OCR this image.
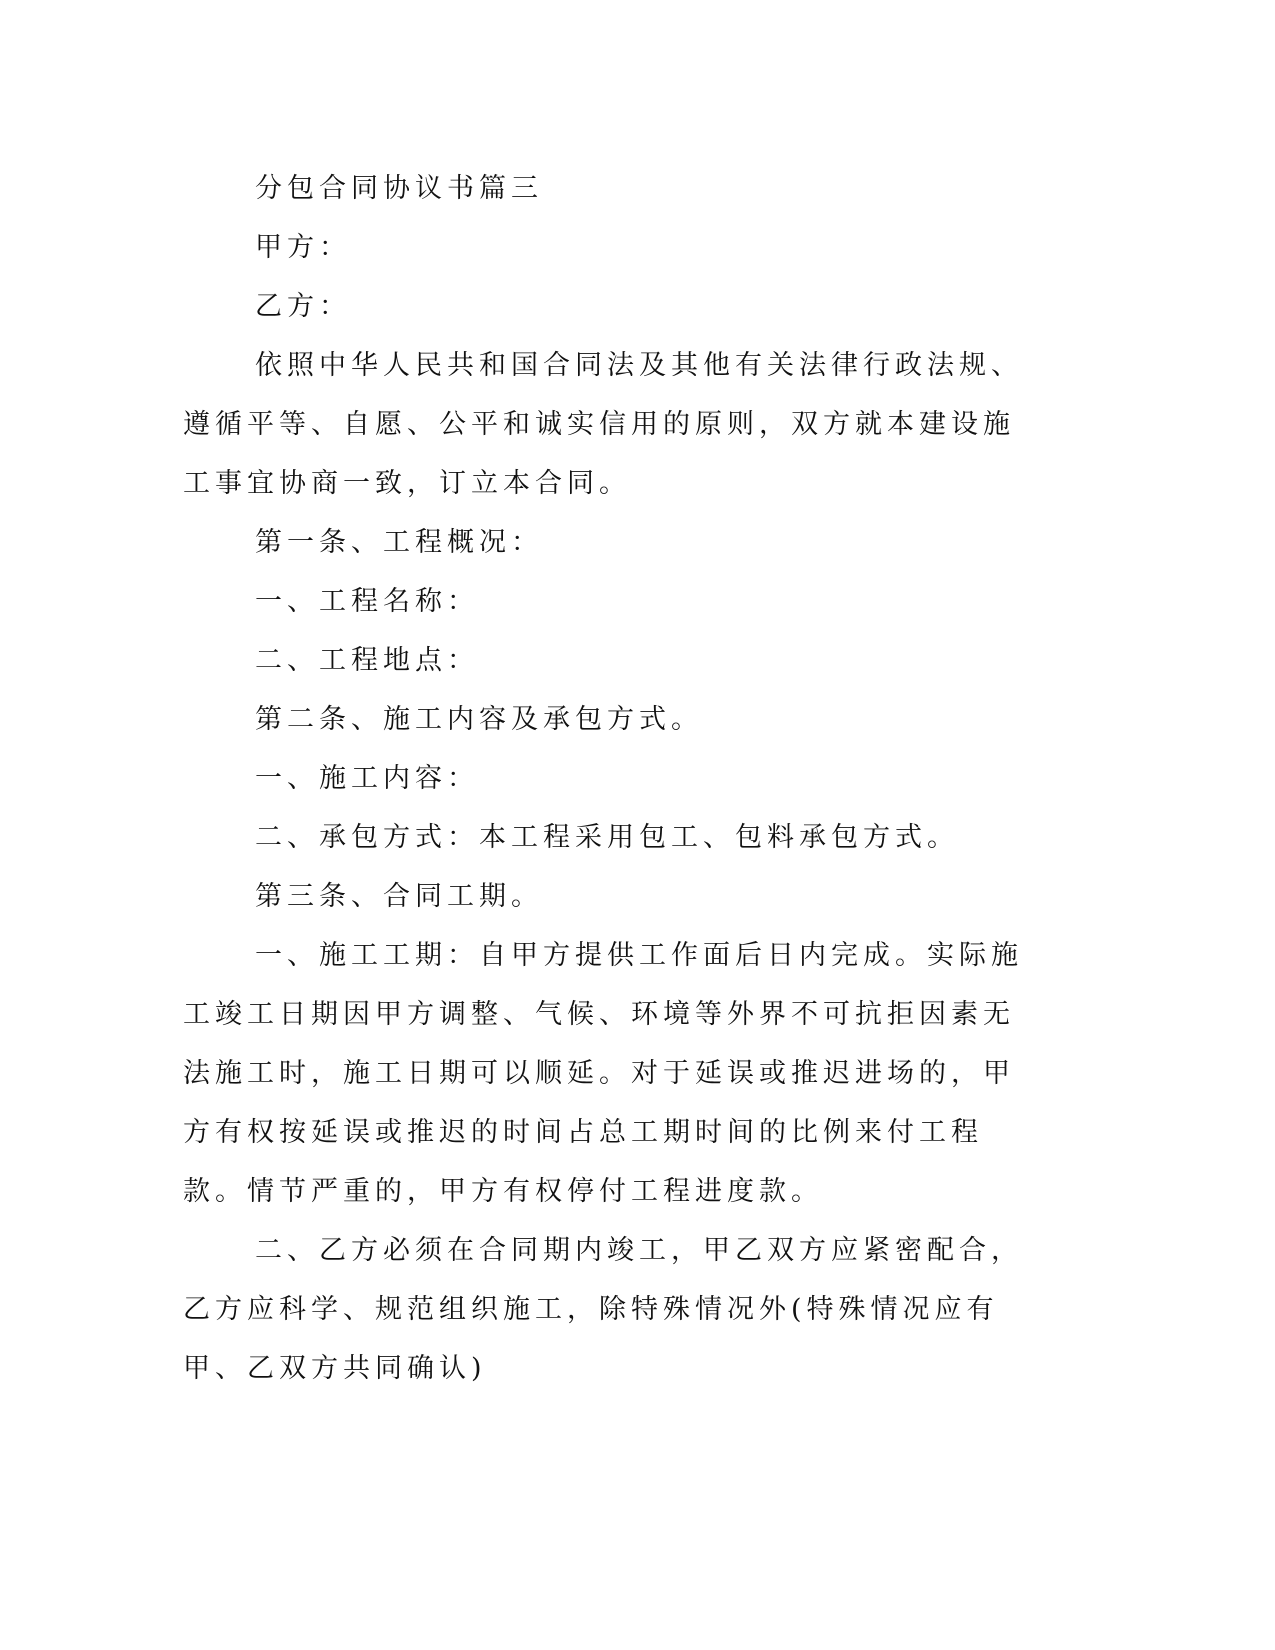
分包合同协议书篇三

甲方：

乙方：

依照中华人民共和国合同法及其他有关法律行政法规、遵循平等、自愿、公平和诚实信用的原则，双方就本建设施工事宜协商一致，订立本合同。

第一条、工程概况：

一、工程名称：

二、工程地点：

第二条、施工内容及承包方式。

一、施工内容：

二、承包方式：本工程采用包工、包料承包方式。

第三条、合同工期。

一、施工工期：自甲方提供工作面后日内完成。实际施工竣工日期因甲方调整、气候、环境等外界不可抗拒因素无法施工时，施工日期可以顺延。对于延误或推迟进场的，甲方有权按延误或推迟的时间占总工期时间的比例来付工程款。情节严重的，甲方有权停付工程进度款。

二、乙方必须在合同期内竣工，甲乙双方应紧密配合，乙方应科学、规范组织施工，除特殊情况外(特殊情况应有甲、乙双方共同确认)
